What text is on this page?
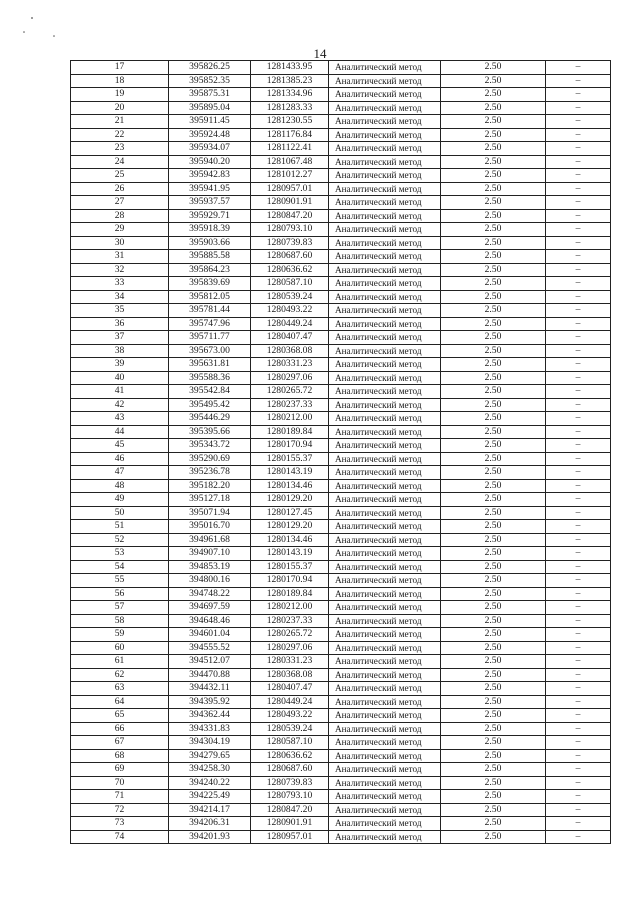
14
17	395826.25	1281433.95	Аналитический метод	2.50	–
18	395852.35	1281385.23	Аналитический метод	2.50	–
19	395875.31	1281334.96	Аналитический метод	2.50	–
20	395895.04	1281283.33	Аналитический метод	2.50	–
21	395911.45	1281230.55	Аналитический метод	2.50	–
22	395924.48	1281176.84	Аналитический метод	2.50	–
23	395934.07	1281122.41	Аналитический метод	2.50	–
24	395940.20	1281067.48	Аналитический метод	2.50	–
25	395942.83	1281012.27	Аналитический метод	2.50	–
26	395941.95	1280957.01	Аналитический метод	2.50	–
27	395937.57	1280901.91	Аналитический метод	2.50	–
28	395929.71	1280847.20	Аналитический метод	2.50	–
29	395918.39	1280793.10	Аналитический метод	2.50	–
30	395903.66	1280739.83	Аналитический метод	2.50	–
31	395885.58	1280687.60	Аналитический метод	2.50	–
32	395864.23	1280636.62	Аналитический метод	2.50	–
33	395839.69	1280587.10	Аналитический метод	2.50	–
34	395812.05	1280539.24	Аналитический метод	2.50	–
35	395781.44	1280493.22	Аналитический метод	2.50	–
36	395747.96	1280449.24	Аналитический метод	2.50	–
37	395711.77	1280407.47	Аналитический метод	2.50	–
38	395673.00	1280368.08	Аналитический метод	2.50	–
39	395631.81	1280331.23	Аналитический метод	2.50	–
40	395588.36	1280297.06	Аналитический метод	2.50	–
41	395542.84	1280265.72	Аналитический метод	2.50	–
42	395495.42	1280237.33	Аналитический метод	2.50	–
43	395446.29	1280212.00	Аналитический метод	2.50	–
44	395395.66	1280189.84	Аналитический метод	2.50	–
45	395343.72	1280170.94	Аналитический метод	2.50	–
46	395290.69	1280155.37	Аналитический метод	2.50	–
47	395236.78	1280143.19	Аналитический метод	2.50	–
48	395182.20	1280134.46	Аналитический метод	2.50	–
49	395127.18	1280129.20	Аналитический метод	2.50	–
50	395071.94	1280127.45	Аналитический метод	2.50	–
51	395016.70	1280129.20	Аналитический метод	2.50	–
52	394961.68	1280134.46	Аналитический метод	2.50	–
53	394907.10	1280143.19	Аналитический метод	2.50	–
54	394853.19	1280155.37	Аналитический метод	2.50	–
55	394800.16	1280170.94	Аналитический метод	2.50	–
56	394748.22	1280189.84	Аналитический метод	2.50	–
57	394697.59	1280212.00	Аналитический метод	2.50	–
58	394648.46	1280237.33	Аналитический метод	2.50	–
59	394601.04	1280265.72	Аналитический метод	2.50	–
60	394555.52	1280297.06	Аналитический метод	2.50	–
61	394512.07	1280331.23	Аналитический метод	2.50	–
62	394470.88	1280368.08	Аналитический метод	2.50	–
63	394432.11	1280407.47	Аналитический метод	2.50	–
64	394395.92	1280449.24	Аналитический метод	2.50	–
65	394362.44	1280493.22	Аналитический метод	2.50	–
66	394331.83	1280539.24	Аналитический метод	2.50	–
67	394304.19	1280587.10	Аналитический метод	2.50	–
68	394279.65	1280636.62	Аналитический метод	2.50	–
69	394258.30	1280687.60	Аналитический метод	2.50	–
70	394240.22	1280739.83	Аналитический метод	2.50	–
71	394225.49	1280793.10	Аналитический метод	2.50	–
72	394214.17	1280847.20	Аналитический метод	2.50	–
73	394206.31	1280901.91	Аналитический метод	2.50	–
74	394201.93	1280957.01	Аналитический метод	2.50	–
